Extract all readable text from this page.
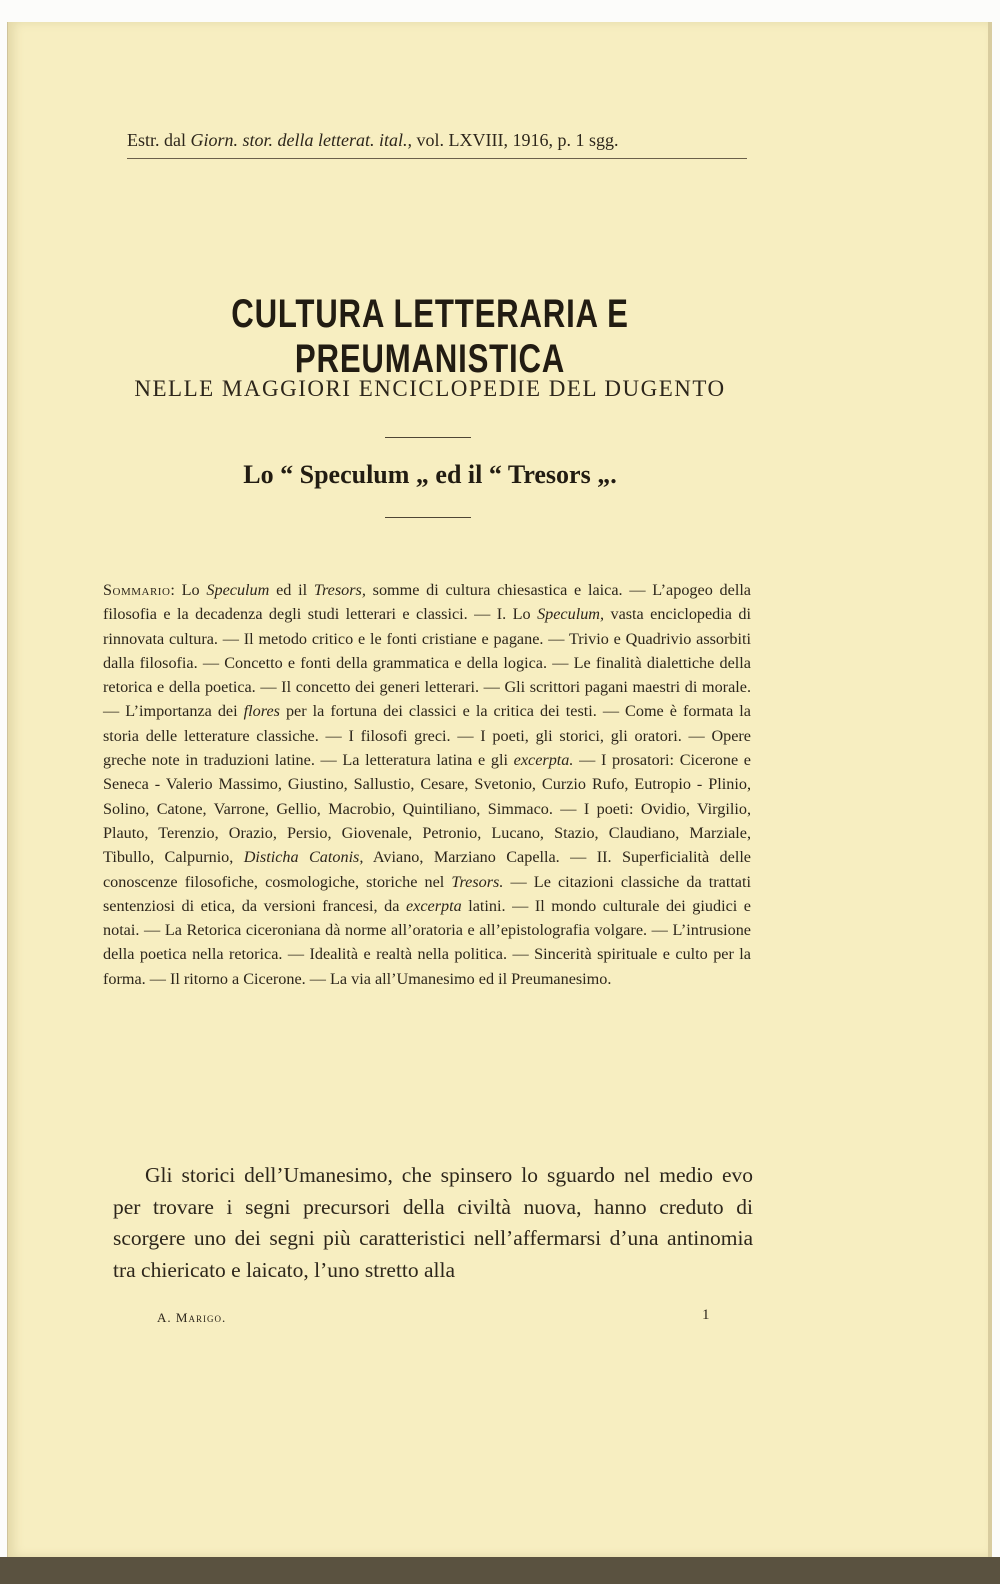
Estr. dal Giorn. stor. della letterat. ital., vol. LXVIII, 1916, p. 1 sgg.
CULTURA LETTERARIA E PREUMANISTICA
NELLE MAGGIORI ENCICLOPEDIE DEL DUGENTO
Lo “ Speculum „ ed il “ Tresors „.

Sommario: Lo Speculum ed il Tresors, somme di cultura chiesastica e laica. — L’apogeo della filosofia e la decadenza degli studi letterari e classici. — I. Lo Speculum, vasta enciclopedia di rinnovata cultura. — Il metodo critico e le fonti cristiane e pagane. — Trivio e Quadrivio assorbiti dalla filosofia. — Concetto e fonti della grammatica e della logica. — Le finalità dialettiche della retorica e della poetica. — Il concetto dei generi letterari. — Gli scrittori pagani maestri di morale. — L’importanza dei flores per la fortuna dei classici e la critica dei testi. — Come è formata la storia delle letterature classiche. — I filosofi greci. — I poeti, gli storici, gli oratori. — Opere greche note in traduzioni latine. — La letteratura latina e gli excerpta. — I prosatori: Cicerone e Seneca - Valerio Massimo, Giustino, Sallustio, Cesare, Svetonio, Curzio Rufo, Eutropio - Plinio, Solino, Catone, Varrone, Gellio, Macrobio, Quintiliano, Simmaco. — I poeti: Ovidio, Virgilio, Plauto, Terenzio, Orazio, Persio, Giovenale, Petronio, Lucano, Stazio, Claudiano, Marziale, Tibullo, Calpurnio, Disticha Catonis, Aviano, Marziano Capella. — II. Superficialità delle conoscenze filosofiche, cosmologiche, storiche nel Tresors. — Le citazioni classiche da trattati sentenziosi di etica, da versioni francesi, da excerpta latini. — Il mondo culturale dei giudici e notai. — La Retorica ciceroniana dà norme all’oratoria e all’epistolografia volgare. — L’intrusione della poetica nella retorica. — Idealità e realtà nella politica. — Sincerità spirituale e culto per la forma. — Il ritorno a Cicerone. — La via all’Umanesimo ed il Preumanesimo.

Gli storici dell’Umanesimo, che spinsero lo sguardo nel medio evo per trovare i segni precursori della civiltà nuova, hanno creduto di scorgere uno dei segni più caratteristici nell’affermarsi d’una antinomia tra chiericato e laicato, l’uno stretto alla

A. Marigo.	1
